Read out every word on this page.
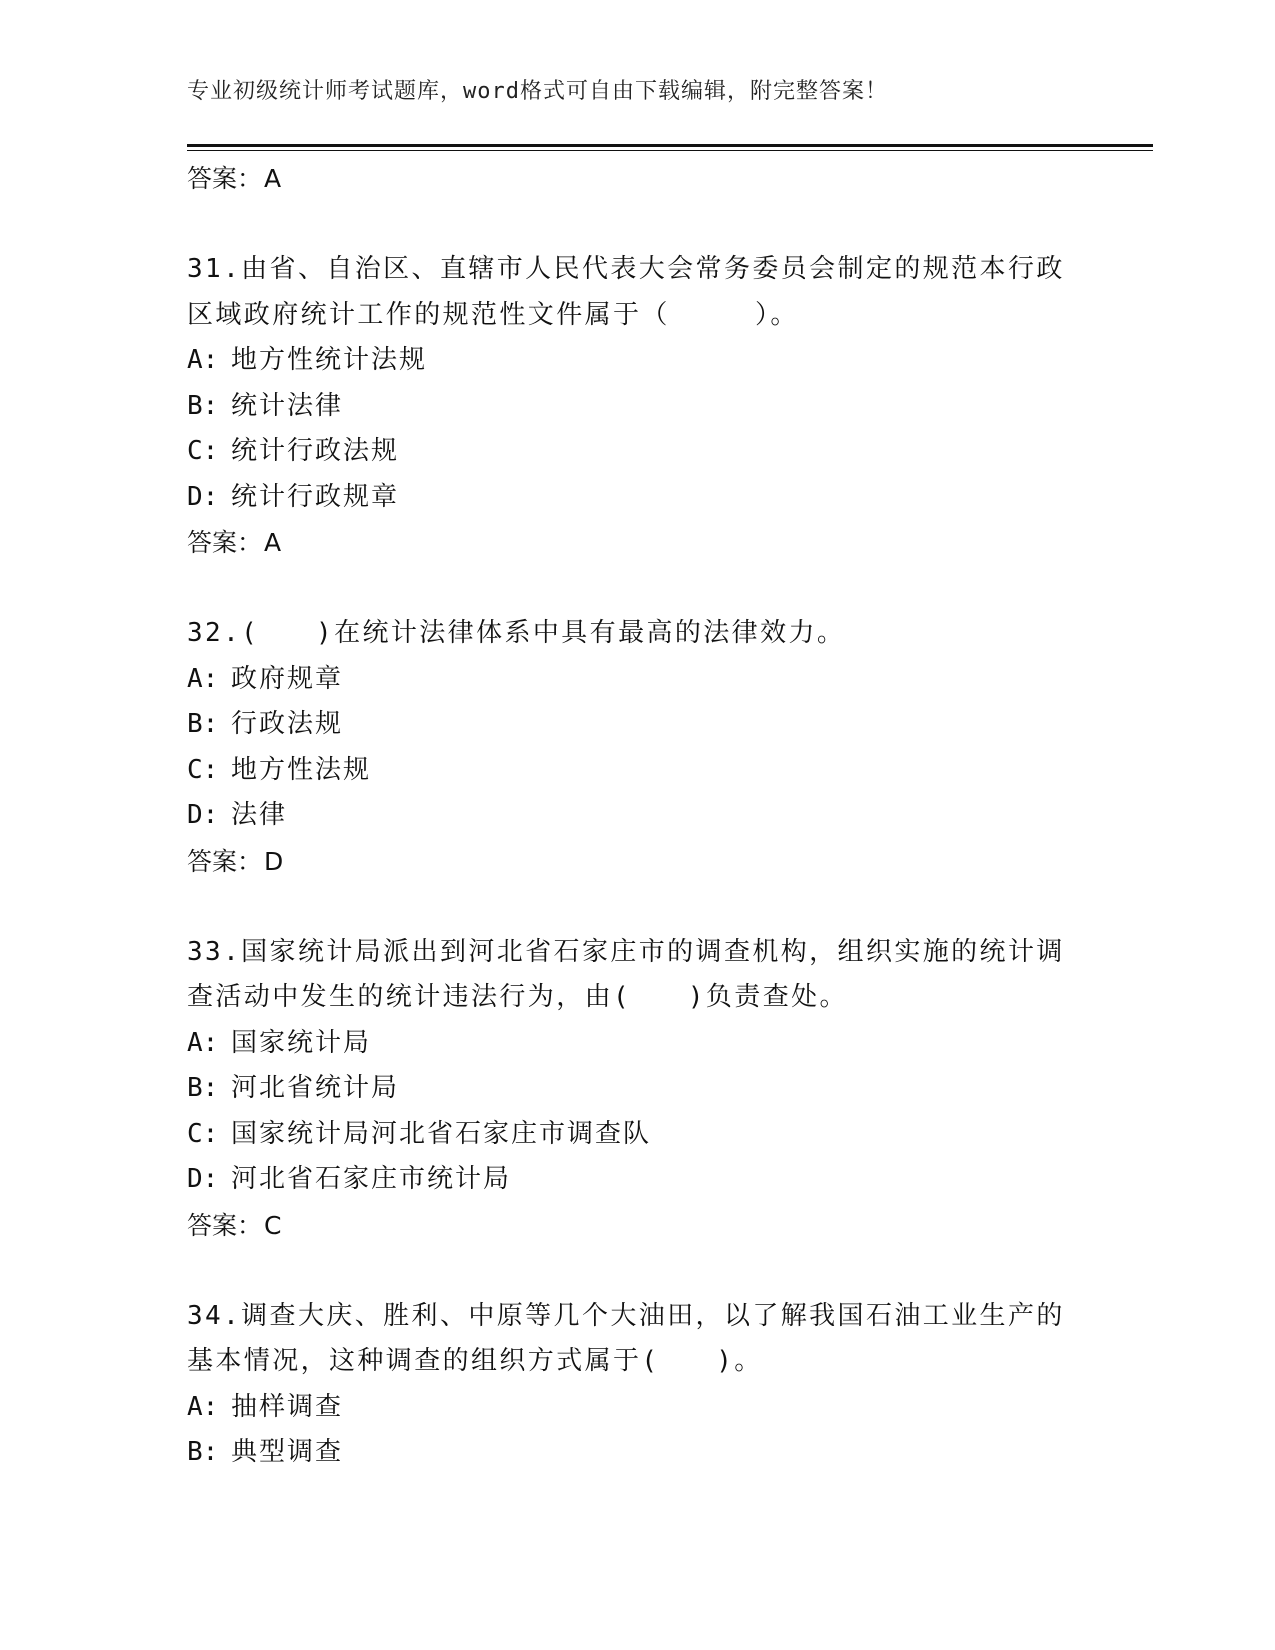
专业初级统计师考试题库，word格式可自由下载编辑，附完整答案！
答案：A

31.由省、自治区、直辖市人民代表大会常务委员会制定的规范本行政区域政府统计工作的规范性文件属于（　　　）。

A: 地方性统计法规
B: 统计法律
C: 统计行政法规
D: 统计行政规章
答案：A

32.(　　)在统计法律体系中具有最高的法律效力。

A: 政府规章
B: 行政法规
C: 地方性法规
D: 法律
答案：D

33.国家统计局派出到河北省石家庄市的调查机构，组织实施的统计调查活动中发生的统计违法行为，由(　　)负责查处。

A: 国家统计局
B: 河北省统计局
C: 国家统计局河北省石家庄市调查队
D: 河北省石家庄市统计局
答案：C

34.调查大庆、胜利、中原等几个大油田，以了解我国石油工业生产的基本情况，这种调查的组织方式属于(　　)。

A: 抽样调查
B: 典型调查
